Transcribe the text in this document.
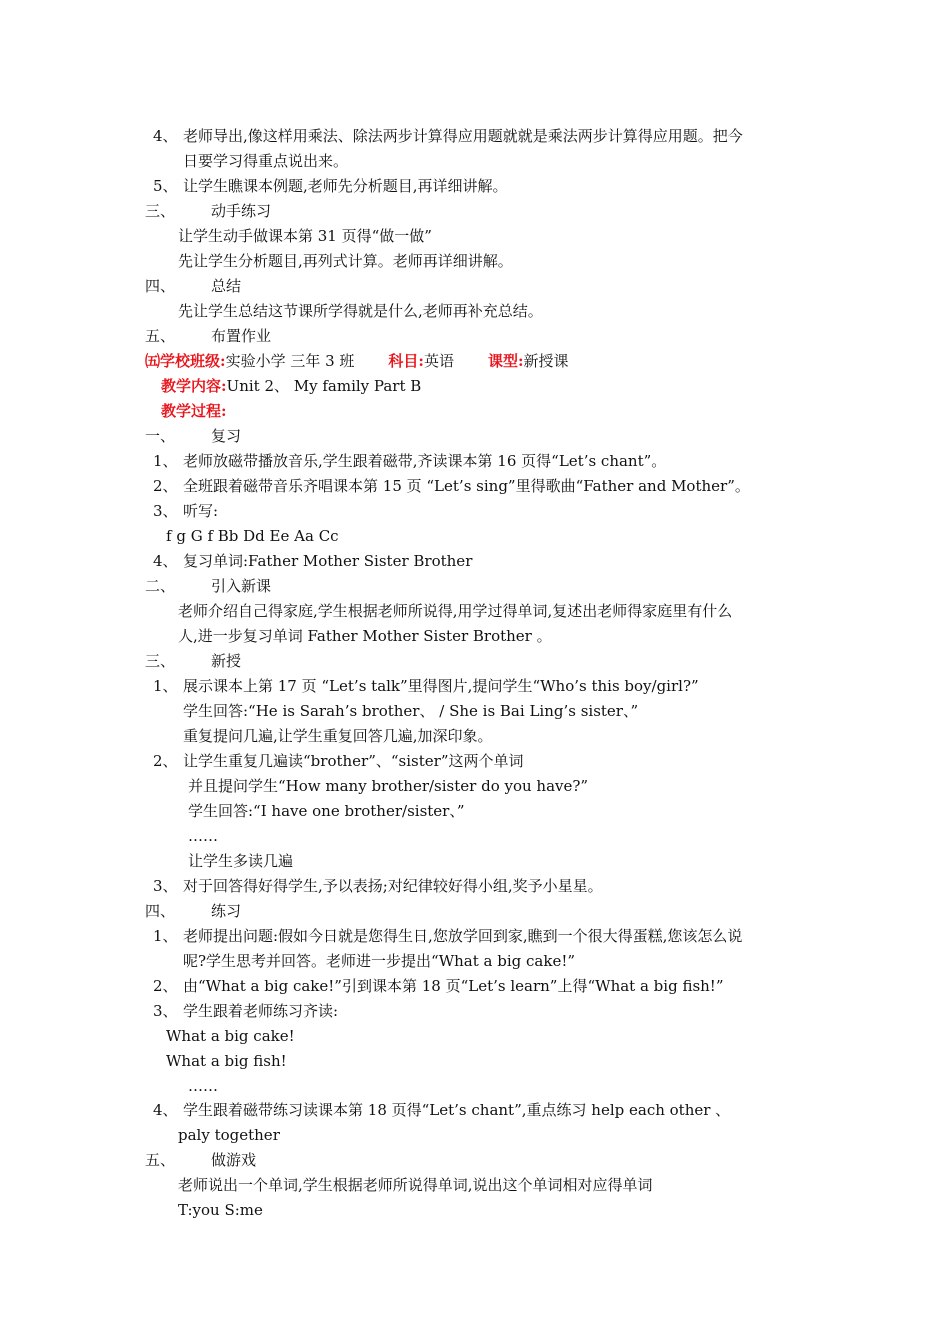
4、 老师导出,像这样用乘法、除法两步计算得应用题就就是乘法两步计算得应用题。把今
日要学习得重点说出来。
5、 让学生瞧课本例题,老师先分析题目,再详细讲解。
三、 动手练习
让学生动手做课本第 31 页得“做一做”
先让学生分析题目,再列式计算。老师再详细讲解。
四、 总结
先让学生总结这节课所学得就是什么,老师再补充总结。
五、 布置作业
㈤学校班级:实验小学 三年 3 班 科目:英语 课型:新授课
教学内容:Unit 2、 My family Part B
教学过程:
一、 复习
1、 老师放磁带播放音乐,学生跟着磁带,齐读课本第 16 页得“Let’s chant”。
2、 全班跟着磁带音乐齐唱课本第 15 页 “Let’s sing”里得歌曲“Father and Mother”。
3、 听写:
f g G f Bb Dd Ee Aa Cc
4、 复习单词:Father Mother Sister Brother
二、 引入新课
老师介绍自己得家庭,学生根据老师所说得,用学过得单词,复述出老师得家庭里有什么
人,进一步复习单词 Father Mother Sister Brother 。
三、 新授
1、 展示课本上第 17 页 “Let’s talk”里得图片,提问学生“Who’s this boy/girl?”
学生回答:“He is Sarah’s brother、 / She is Bai Ling’s sister、”
重复提问几遍,让学生重复回答几遍,加深印象。
2、 让学生重复几遍读“brother”、“sister”这两个单词
并且提问学生“How many brother/sister do you have?”
学生回答:“I have one brother/sister、”
……
让学生多读几遍
3、 对于回答得好得学生,予以表扬;对纪律较好得小组,奖予小星星。
四、 练习
1、 老师提出问题:假如今日就是您得生日,您放学回到家,瞧到一个很大得蛋糕,您该怎么说
呢?学生思考并回答。老师进一步提出“What a big cake!”
2、 由“What a big cake!”引到课本第 18 页“Let’s learn”上得“What a big fish!”
3、 学生跟着老师练习齐读:
What a big cake!
What a big fish!
……
4、 学生跟着磁带练习读课本第 18 页得“Let’s chant”,重点练习 help each other 、
paly together
五、 做游戏
老师说出一个单词,学生根据老师所说得单词,说出这个单词相对应得单词
T:you S:me
